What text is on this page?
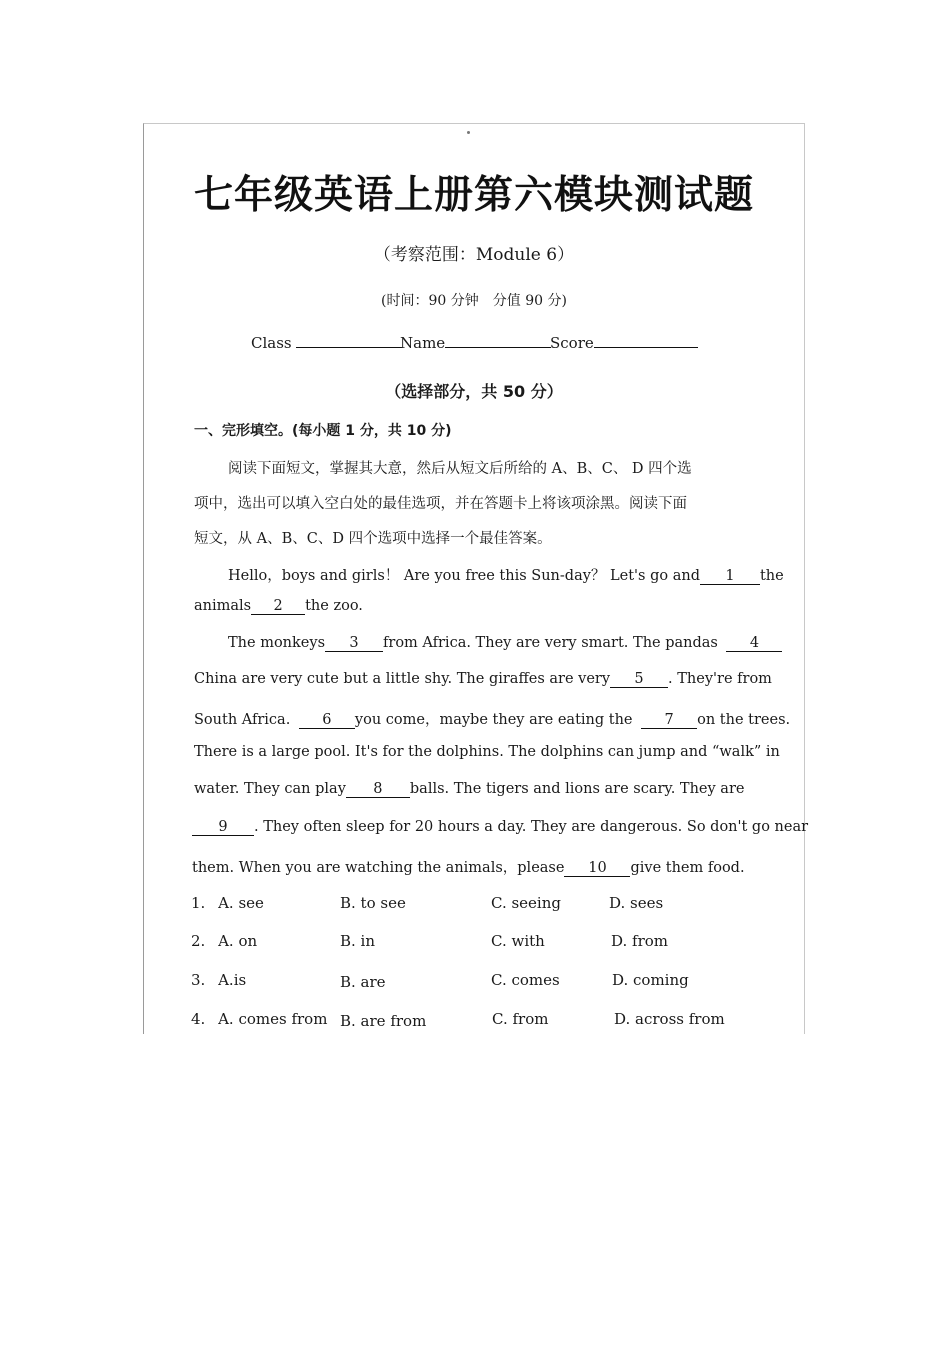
七年级英语上册第六模块测试题
（考察范围：Module 6）
(时间：90 分钟　分值 90 分)
Class	Name	Score
（选择部分，共 50 分）
一、完形填空。(每小题 1 分，共 10 分)
阅读下面短文，掌握其大意，然后从短文后所给的 A、B、C、 D 四个选
项中，选出可以填入空白处的最佳选项，并在答题卡上将该项涂黑。阅读下面
短文，从 A、B、C、D 四个选项中选择一个最佳答案。
Hello，boys and girls！ Are you free this Sun-day？ Let's go and 1 the
animals 2 the zoo.
The monkeys 3 from Africa. They are very smart. The pandas 4
China are very cute but a little shy. The giraffes are very 5 . They're from
South Africa. 6 you come，maybe they are eating the 7 on the trees.
There is a large pool. It's for the dolphins. The dolphins can jump and “walk” in
water. They can play 8 balls. The tigers and lions are scary. They are
9 . They often sleep for 20 hours a day. They are dangerous. So don't go near
them. When you are watching the animals，please 10 give them food.
1. A. see	B. to see	C. seeing	D. sees
2. A. on	B. in	C. with	D. from
3. A.is	B. are	C. comes	D. coming
4. A. comes from B. are from	C. from	D. across from
